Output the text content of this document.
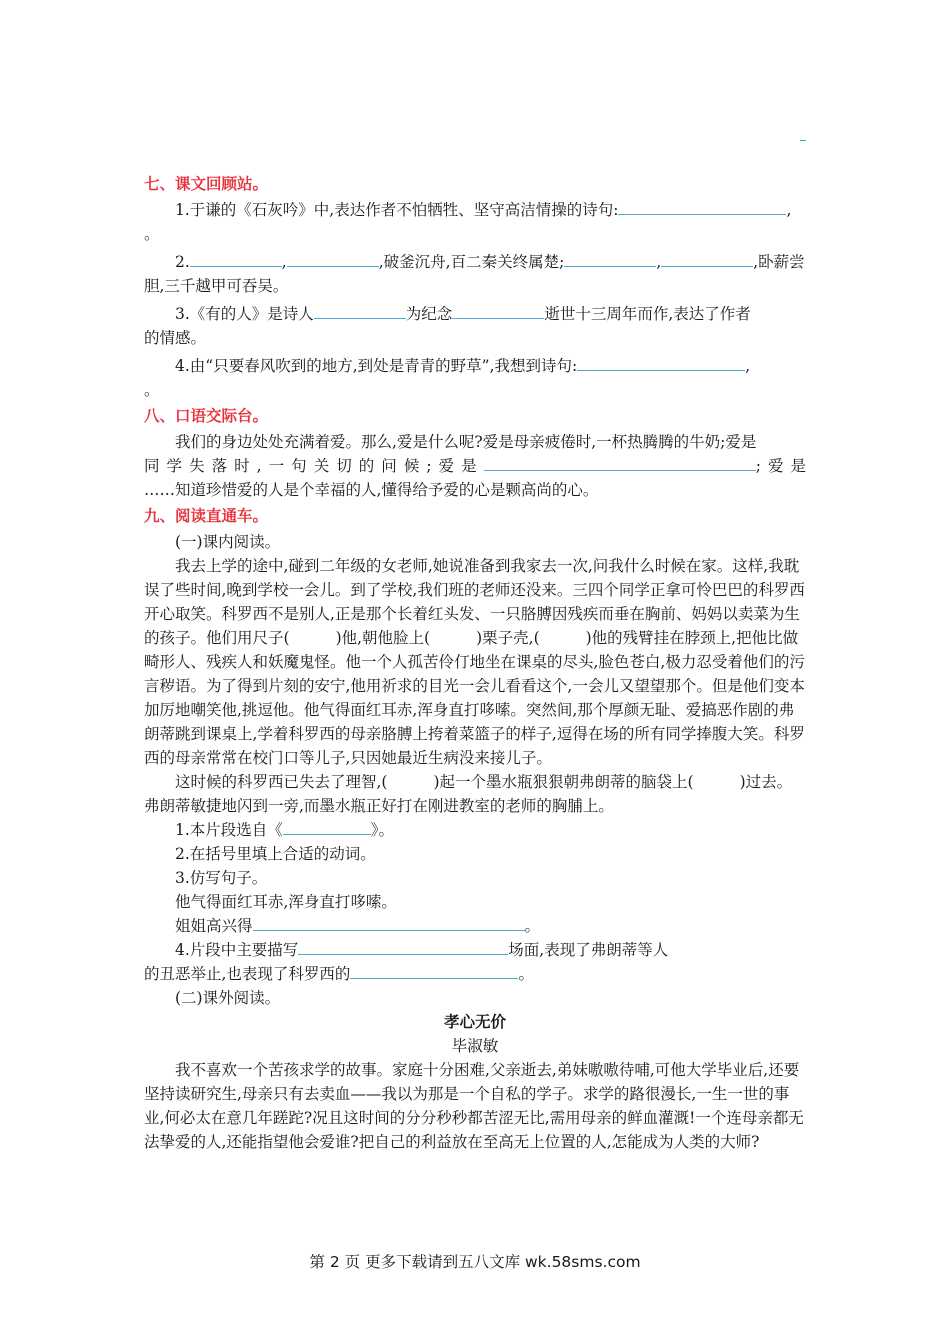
七、课文回顾站。

1.于谦的《石灰吟》中,表达作者不怕牺牲、坚守高洁情操的诗句:	,

。

2.	,	,破釜沉舟,百二秦关终属楚;	,	,卧薪尝

胆,三千越甲可吞吴。

3.《有的人》是诗人	为纪念	逝世十三周年而作,表达了作者

的情感。

4.由“只要春风吹到的地方,到处是青青的野草”,我想到诗句:	,

。

八、口语交际台。

我们的身边处处充满着爱。那么,爱是什么呢?爱是母亲疲倦时,一杯热腾腾的牛奶;爱是

同学失落时,一句关切的问候;爱是	;爱是

……知道珍惜爱的人是个幸福的人,懂得给予爱的心是颗高尚的心。

九、阅读直通车。

(一)课内阅读。

我去上学的途中,碰到二年级的女老师,她说准备到我家去一次,问我什么时候在家。这样,我耽误了些时间,晚到学校一会儿。到了学校,我们班的老师还没来。三四个同学正拿可怜巴巴的科罗西开心取笑。科罗西不是别人,正是那个长着红头发、一只胳膊因残疾而垂在胸前、妈妈以卖菜为生的孩子。他们用尺子(	)他,朝他脸上(	)栗子壳,(	)他的残臂挂在脖颈上,把他比做畸形人、残疾人和妖魔鬼怪。他一个人孤苦伶仃地坐在课桌的尽头,脸色苍白,极力忍受着他们的污言秽语。为了得到片刻的安宁,他用祈求的目光一会儿看看这个,一会儿又望望那个。但是他们变本加厉地嘲笑他,挑逗他。他气得面红耳赤,浑身直打哆嗦。突然间,那个厚颜无耻、爱搞恶作剧的弗朗蒂跳到课桌上,学着科罗西的母亲胳膊上挎着菜篮子的样子,逗得在场的所有同学捧腹大笑。科罗西的母亲常常在校门口等儿子,只因她最近生病没来接儿子。

这时候的科罗西已失去了理智,(	)起一个墨水瓶狠狠朝弗朗蒂的脑袋上(	)过去。弗朗蒂敏捷地闪到一旁,而墨水瓶正好打在刚进教室的老师的胸脯上。

1.本片段选自《	》。

2.在括号里填上合适的动词。

3.仿写句子。

他气得面红耳赤,浑身直打哆嗦。

姐姐高兴得	。

4.片段中主要描写	场面,表现了弗朗蒂等人

的丑恶举止,也表现了科罗西的	。

(二)课外阅读。

孝心无价

毕淑敏

我不喜欢一个苦孩求学的故事。家庭十分困难,父亲逝去,弟妹嗷嗷待哺,可他大学毕业后,还要坚持读研究生,母亲只有去卖血——我以为那是一个自私的学子。求学的路很漫长,一生一世的事业,何必太在意几年蹉跎?况且这时间的分分秒秒都苦涩无比,需用母亲的鲜血灌溉!一个连母亲都无法挚爱的人,还能指望他会爱谁?把自己的利益放在至高无上位置的人,怎能成为人类的大师?

第 2 页 更多下载请到五八文库 wk.58sms.com
